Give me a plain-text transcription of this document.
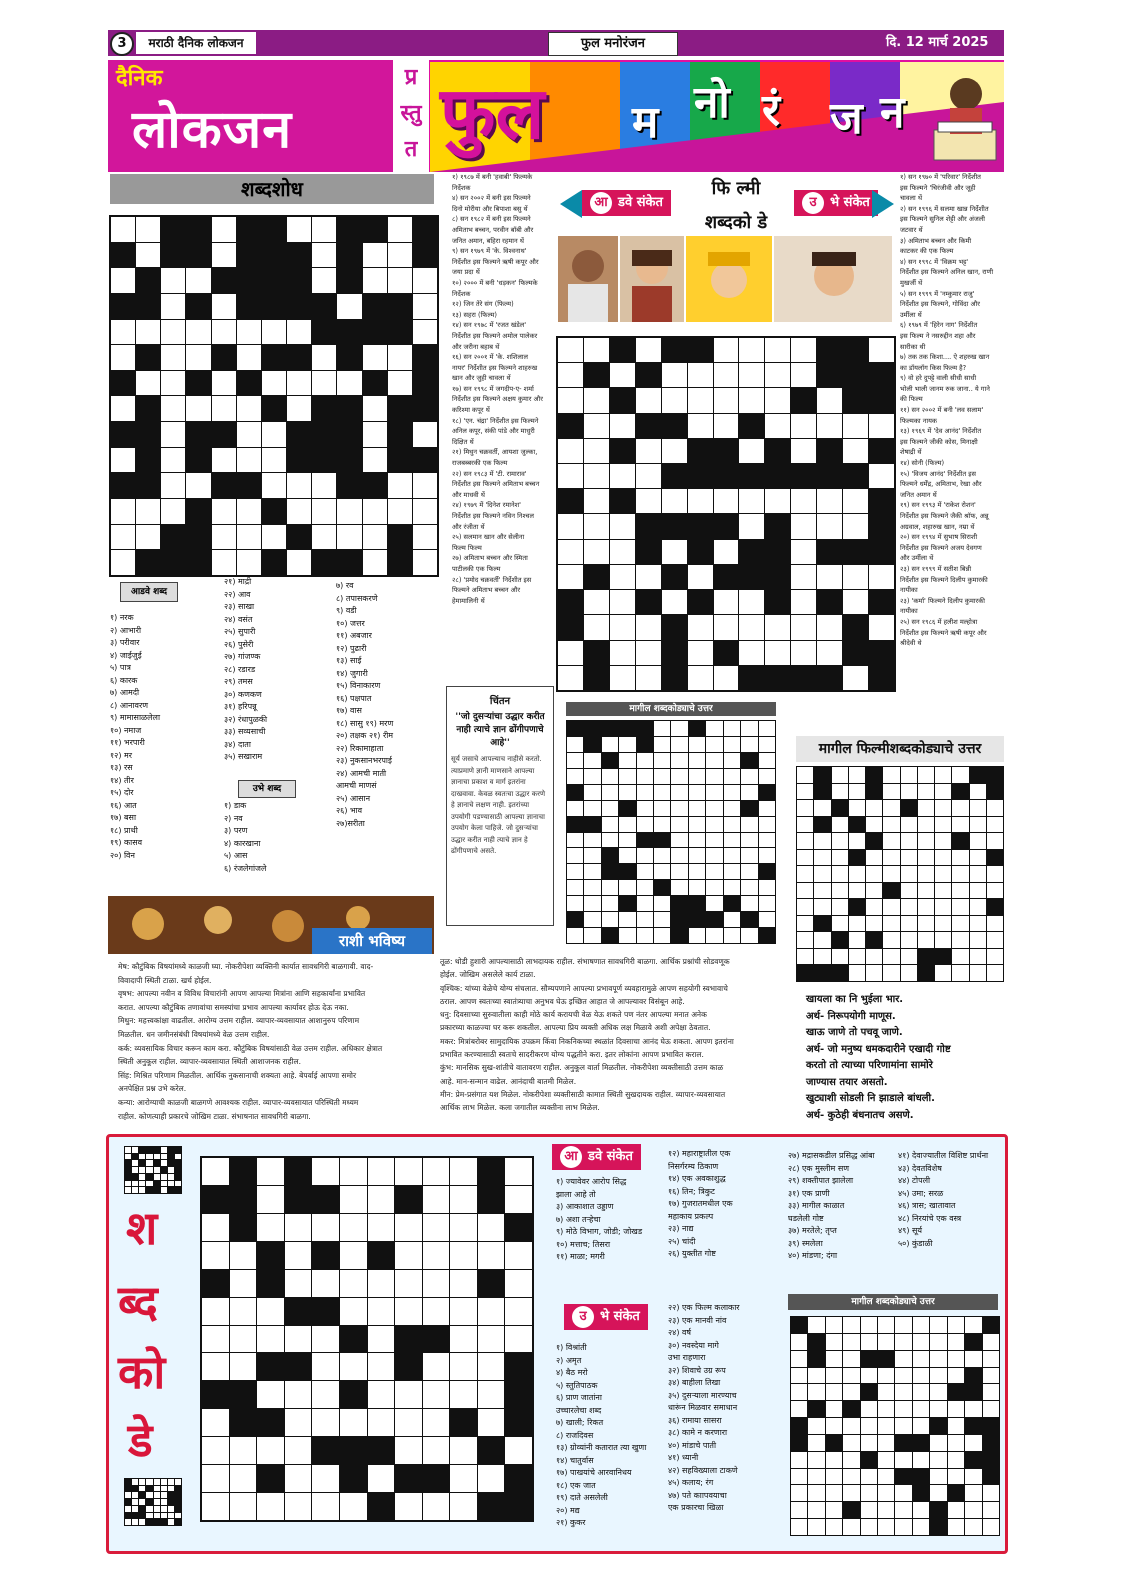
3	मराठी दैनिक लोकजन	फुल मनोरंजन	दि. 12 मार्च 2025
दैनिक
लोकजन
प्र
स्तु
त फुल म नो रं ज न
शब्दशोध
आडवे शब्द
१) नरक
२) आभारी
३) परीवार
४) जाईजुई
५) पात्र
६) कारक
७) आमदी
८) आनावरण
९) मामासाळलेला
१०) नमाज
११) भरपारी
१२) मर
१३) रस
१४) तीर
१५) दोर
१६) आत
१७) बसा
१८) प्राथी
१९) कासव
२०) विन
२१) माद्री
२२) आव
२३) साखा
२४) वसंत
२५) सुपारी
२६) पुसेरी
२७) गांजण्क
२८) रडारड
२९) तमस
३०) कणकण
३१) हरिपन्नू
३२) रंधापुळकी
३३) सव्यसाची
३४) दाता
३५) सखाराम
उभे शब्द
१) डाक
२) नव
३) परण
४) कारखाना
५) आस
६) रंजलेगांजले
७) रव
८) तपासकरणे
९) वडी
१०) जत्तर
११) अबजार
१२) पुढारी
१३) साई
१४) जुगारी
१५) विनाकारण
१६) पक्षपात
१७) वास
१८) सासु १९) मरण
२०) तक्षक २१) रीम
२२) रिकामाहाता
२३) नुकसानभरपाई
२४) आमची माती
आमची माणसं
२५) आसान
२६) भाव
२७)सरीता
१) १९८७ में बनी 'हवाबी' फिल्मके
निर्देशक
४) सन २००२ में बनी इस फिल्मने
दिनो मोरीया और बिपाशा बसु थें
८) सन १९८२ में बनी इस फिल्मने
अमिताभ बच्चन, परवीन बॉबी और
जनित अमान, बहिरा रहमान थें
९) सन १९७९ में 'के. विश्वनाथ'
निर्देशीत इस फिल्मने ऋषी कपूर और
जया प्रदा थें
१०) २००० में बनी 'धड़कन' फिल्मके
निर्देशक
१२) जिन तेरे संग (फिल्म)
१३) सहरा (फिल्म)
१४) सन १९७८ में 'रजत खंडेल'
निर्देशीत इस फिल्मने अमोल पालेकर
और जरीना बहाब थें
१६) सन २००१ में 'के. शशिलाल
नायर' निर्देशीत इस फिल्मने शाहरुख
खान और जुही चावला थें
१७) सन १९९८ में जगदीप-ए- शर्मा
निर्देशीत इस फिल्मने अक्षय कुमार और
करिश्मा कपूर थें
१८) 'एन. चंद्रा' निर्देशीत इस फिल्मने
अनिल कपूर, संकी पांडे और माधुरी
दिक्षित थें
२१) मिथुन चक्रवर्ती, आयशा जुल्का,
राजबब्बरकी एक फिल्म
२२) सन १९८३ में 'टी. रामाराव'
निर्देशीत इस फिल्मने अमिताभ बच्चन
और माधवी थें
२४) १९७९ में 'दिनेश रमानेश'
निर्देशीत इस फिल्मने नविन निश्चल
और रंजीता थें
२५) सलमान खान और सेलीना
फिल्म फिल्म
२७) अमिताभ बच्चन और स्मिता
पाटीलकी एक फिल्म
२८) 'प्रमोद चक्रवर्ती' निर्देशीत इस
फिल्मने अमिताभ बच्चन और
हेमामालिनी थें
चिंतन
''जो दुसऱ्यांचा उद्धार करीत नाही त्याचे ज्ञान ढोंगीपणाचे आहे''
सूर्य जसाचे आपल्याच नाहीसे करतो. त्याप्रमाणे ज्ञानी माणसाने आपल्या ज्ञानाचा प्रकाश व मार्ग इतरांना दाखवावा. केवळ स्वतःचा उद्धार करणे हे ज्ञानाचे लक्षण नाही. इतरांच्या उपयोगी पडण्यासाठी आपल्या ज्ञानाचा उपयोग केला पाहिजे. जो दुसऱ्यांचा उद्धार करीत नाही त्याचे ज्ञान हे ढोंगीपणाचे असते.
आ डवे संकेत
फि ल्मी
शब्दको डे
उ भे संकेत
१) सन १९७० में 'परिवार' निर्देशीत
इस फिल्मने 'चिरंजीवी और जूही
चावला थें
२) सन १९९६ में सलमा खान्न निर्देशीत
इस फिल्मने सुनिल शेट्टी और अंजली
जटवार थें
३) अमिताभ बच्चन और किमी
काटकर की एक फिल्म
४) सन १९९८ में 'विक्रम भट्ट'
निर्देशीत इस फिल्मने अनिल खान, राणी
मुखर्जी थें
५) सन १९९९ में 'नम्कुमार राजु'
निर्देशीत इस फिल्मने, गोविंदा और
उर्मीला थें
६) १९७९ में 'हिरेन नाग' निर्देशीत
इस फिल्म ने नसरुद्दीन शहा और
सारीका थी
७) तक तक किशा.... ऐ शहरुख खान
का डॉयलॉग किस फिल्म है?
९) वो हरे दुपट्टे वाली सीधी साधी
भोली भाली जानम रुक जाना.. ये गाने
की फिल्म
११) सन २००२ में बनी 'लव सलाम'
फिल्मका नायक
१३) १९६९ में 'देव आनंद' निर्देशीत
इस फिल्मने जीकी कोस, मिनाक्षी
शेषाद्री थें
१४) सोनी (फिल्म)
१५) 'विजय आनंद' निर्देशीत इस
फिल्मने धर्मेंद्र, अमिताभ, रेखा और
जनित अमान थें
१९) सन १९९३ में 'राकेश रोशन'
निर्देशीत इस फिल्मने जैकी श्रॉफ, अन्नू
अग्रवाल, शहारुख खान, नम्रा थें
२०) सन १९९४ में सुभाष सिराशी
निर्देशीत इस फिल्मने अजय देवगण
और उर्मीला थें
२३) सन १९९९ में सतीश बिन्नी
निर्देशीत इस फिल्मने दिलीप कुमारकी
नायीका
२३) 'कर्मा' फिल्मने दिलीप कुमारकी
नायीका
२५) सन १९८६ में हलीश मल्होत्रा
निर्देशीत इस फिल्मने ऋषी कपूर और
श्रीदेवी थे
मागील शब्दकोड्याचे उत्तर
मागील फिल्मीशब्दकोड्याचे उत्तर
राशी भविष्य
मेष: कौटुंबिक विषयांमध्ये काळजी घ्या. नोकरीपेशा व्यक्तिनी कार्यात सावधगिरी बाळगावी. वाद-
विवादापी स्थिती टाळा. खर्च होईल.
वृषभ: आपल्या नवीन व विविध विचारांनी आपण आपल्या मित्रांना आणि सहकार्यांना प्रभावित
करात. आपल्या कौटुंबिक तणावांचा समस्यांचा प्रभाव आपल्या कार्यावर होऊ देऊ नका.
मिथुन: महत्त्वकांक्षा वाढतील. आरोग्य उत्तम राहील. व्यापार-व्यवसायात आशानुरुप परिणाम
मिळतील. धन जमीनसंबंधी विषयांमध्ये वेळ उत्तम राहील.
कर्क: व्यवसायिक विचार करून काम करा. कौटुंबिक विषयांसाठी वेळ उत्तम राहील. अधिकार क्षेत्रात
स्थिती अनुकूल राहील. व्यापार-व्यवसायात स्थिती आशाजनक राहील.
सिंह: मिश्रित परिणाम मिळतील. आर्थिक नुकसानाची शक्यता आहे. बेपर्वाई आपणा समोर
अनपेक्षित प्रश्न उभे करेल.
कन्या: आरोग्याची काळजी बाळगणे आवश्यक राहील. व्यापार-व्यवसायात परिस्थिती मध्यम
राहील. कोणत्याही प्रकारचे जोखिम टाळा. संभाषनात सावधगिरी बाळगा.
तूळ: थोडी हुशारी आपल्यासाठी लाभदायक राहील. संभाषणात सावधगिरी बाळगा. आर्थिक प्रश्नांची सोडवणूक
होईल. जोखिम असलेले कार्य टाळा.
वृश्चिक: यांच्या वेळेचे योग्य संचलात. सौम्यपणाने आपल्या प्रभावपूर्ण व्यवहारामुळे आपण सहयोगी स्वभावाचे
ठराल. आपण स्वतःच्या स्वातंत्र्याचा अनुभव घेऊ इच्छित आहात जे आपल्यावर विसंबून आहे.
धनु: दिवसाच्या सुरुवातीला काही मोठे कार्य करायची वेळ येऊ शकते पण नंतर आपल्या मनात अनेक
प्रकारच्या काळज्या घर करू शकतील. आपल्या प्रिय व्यक्ती अधिक लक्ष मिळावे अशी अपेक्षा ठेवतात.
मकर: मित्रांबरोबर सामुदायिक उपक्रम किंवा निकनिकच्या स्थळांत दिवसाचा आनंद घेऊ शकता. आपण इतरांना
प्रभावित करण्यासाठी स्वतःचे सादरीकरण योग्य पद्धतीने करा. इतर लोकांना आपण प्रभावित कराल.
कुंभ: मानसिक सुख-शांतीचे वातावरण राहील. अनुकूल वार्ता मिळतील. नोकरीपेशा व्यक्तीसाठी उत्तम काळ
आहे. मान-सन्मान वाढेल. आनंदाची बातमी मिळेल.
मीन: प्रेम-प्रसंगात यश मिळेल. नोकरीपेशा व्यक्तीसाठी कामात स्थिती सुखदायक राहील. व्यापार-व्यवसायात
आर्थिक लाभ मिळेल. कला जगातील व्यक्तीना लाभ मिळेल.
खायला का नि भुईला भार.
अर्थ- निरूपयोगी माणूस.
खाऊ जाणे तो पचवू जाणे.
अर्थ- जो मनुष्य धमकदारीने एखादी गोष्ट
करतो तो त्याच्या परिणामांना सामोरे
जाण्यास तयार असतो.
खुट्याशी सोडली नि झाडाले बांधली.
अर्थ- कुठेही बंधनातच असणे.
श
ब्द
को
डे
आ डवे संकेत
१) ज्यावेवर आरोप सिद्ध
झाला आहे तो
३) आकाशात उड्डाण
७) अशा तऱ्हेचा
९) मोठे विभाग, जोडी; जोखड
१०) मत्ताच; तिसरा
११) माळा; मगरी
१२) महाराष्ट्रातील एक
निसर्गरम्य ठिकाण
१४) एक अवकाशुद्ध
१६) तिन; त्रिकुट
१७) गुजरातमधील एक
महाकाय प्रकल्प
२३) नाद्य
२५) चांदी
२६) युक्तीत गोष्ट
२७) मद्रासकडील प्रसिद्ध आंबा
२८) एक मुस्लीम सण
२९) शक्तीपात झालेला
३१) एक प्राणी
३३) मागील काळात
घडलेली गोष्ट
३७) मरतेले; तृप्त
३९) स्मलेला
४०) मांडणा; दंगा
४१) देवाज्यातील विशिष्ट प्रार्थना
४३) देवतविशेष
४४) टोपली
४५) उमा; सरळ
४६) त्रास; खातावात
४८) निरयांचे एक वस्त्र
४९) सूर्य
५०) कुंडाळी
उ भे संकेत
१) विश्रांती
२) अमृत
४) बैठ मरो
५) स्तुतिपाठक
६) प्राण जातांना
उच्चारलेचा शब्द
७) खाली; रिकत
८) राजदिवस
१३) ग्रोव्यांनी कतारात त्या खुणा
१४) चातुर्वास
१७) पाखयांचे आरवानिधय
१८) एक जात
१९) दाते असलेली
२०) मद्य
२१) कुकर
२२) एक फिल्म कलाकार
२३) एक मानवी नांव
२४) वर्ष
३०) नवस्देया मागे
उभा राहणारा
३२) शिवाचे उग्र रूप
३४) बाहीला तिखा
३५) दुसऱ्याला मारण्याच
धारूंन मिळवार समाधान
३६) रामाया सासरा
३८) कामे न करणारा
४०) मांडाचे पाती
४१) ध्यानी
४२) सहविख्याला टाकणे
४५) कलाय; रंग
४७) पते काापवयाचा
एक प्रकारचा खिळा
मागील शब्दकोड्याचे उत्तर
